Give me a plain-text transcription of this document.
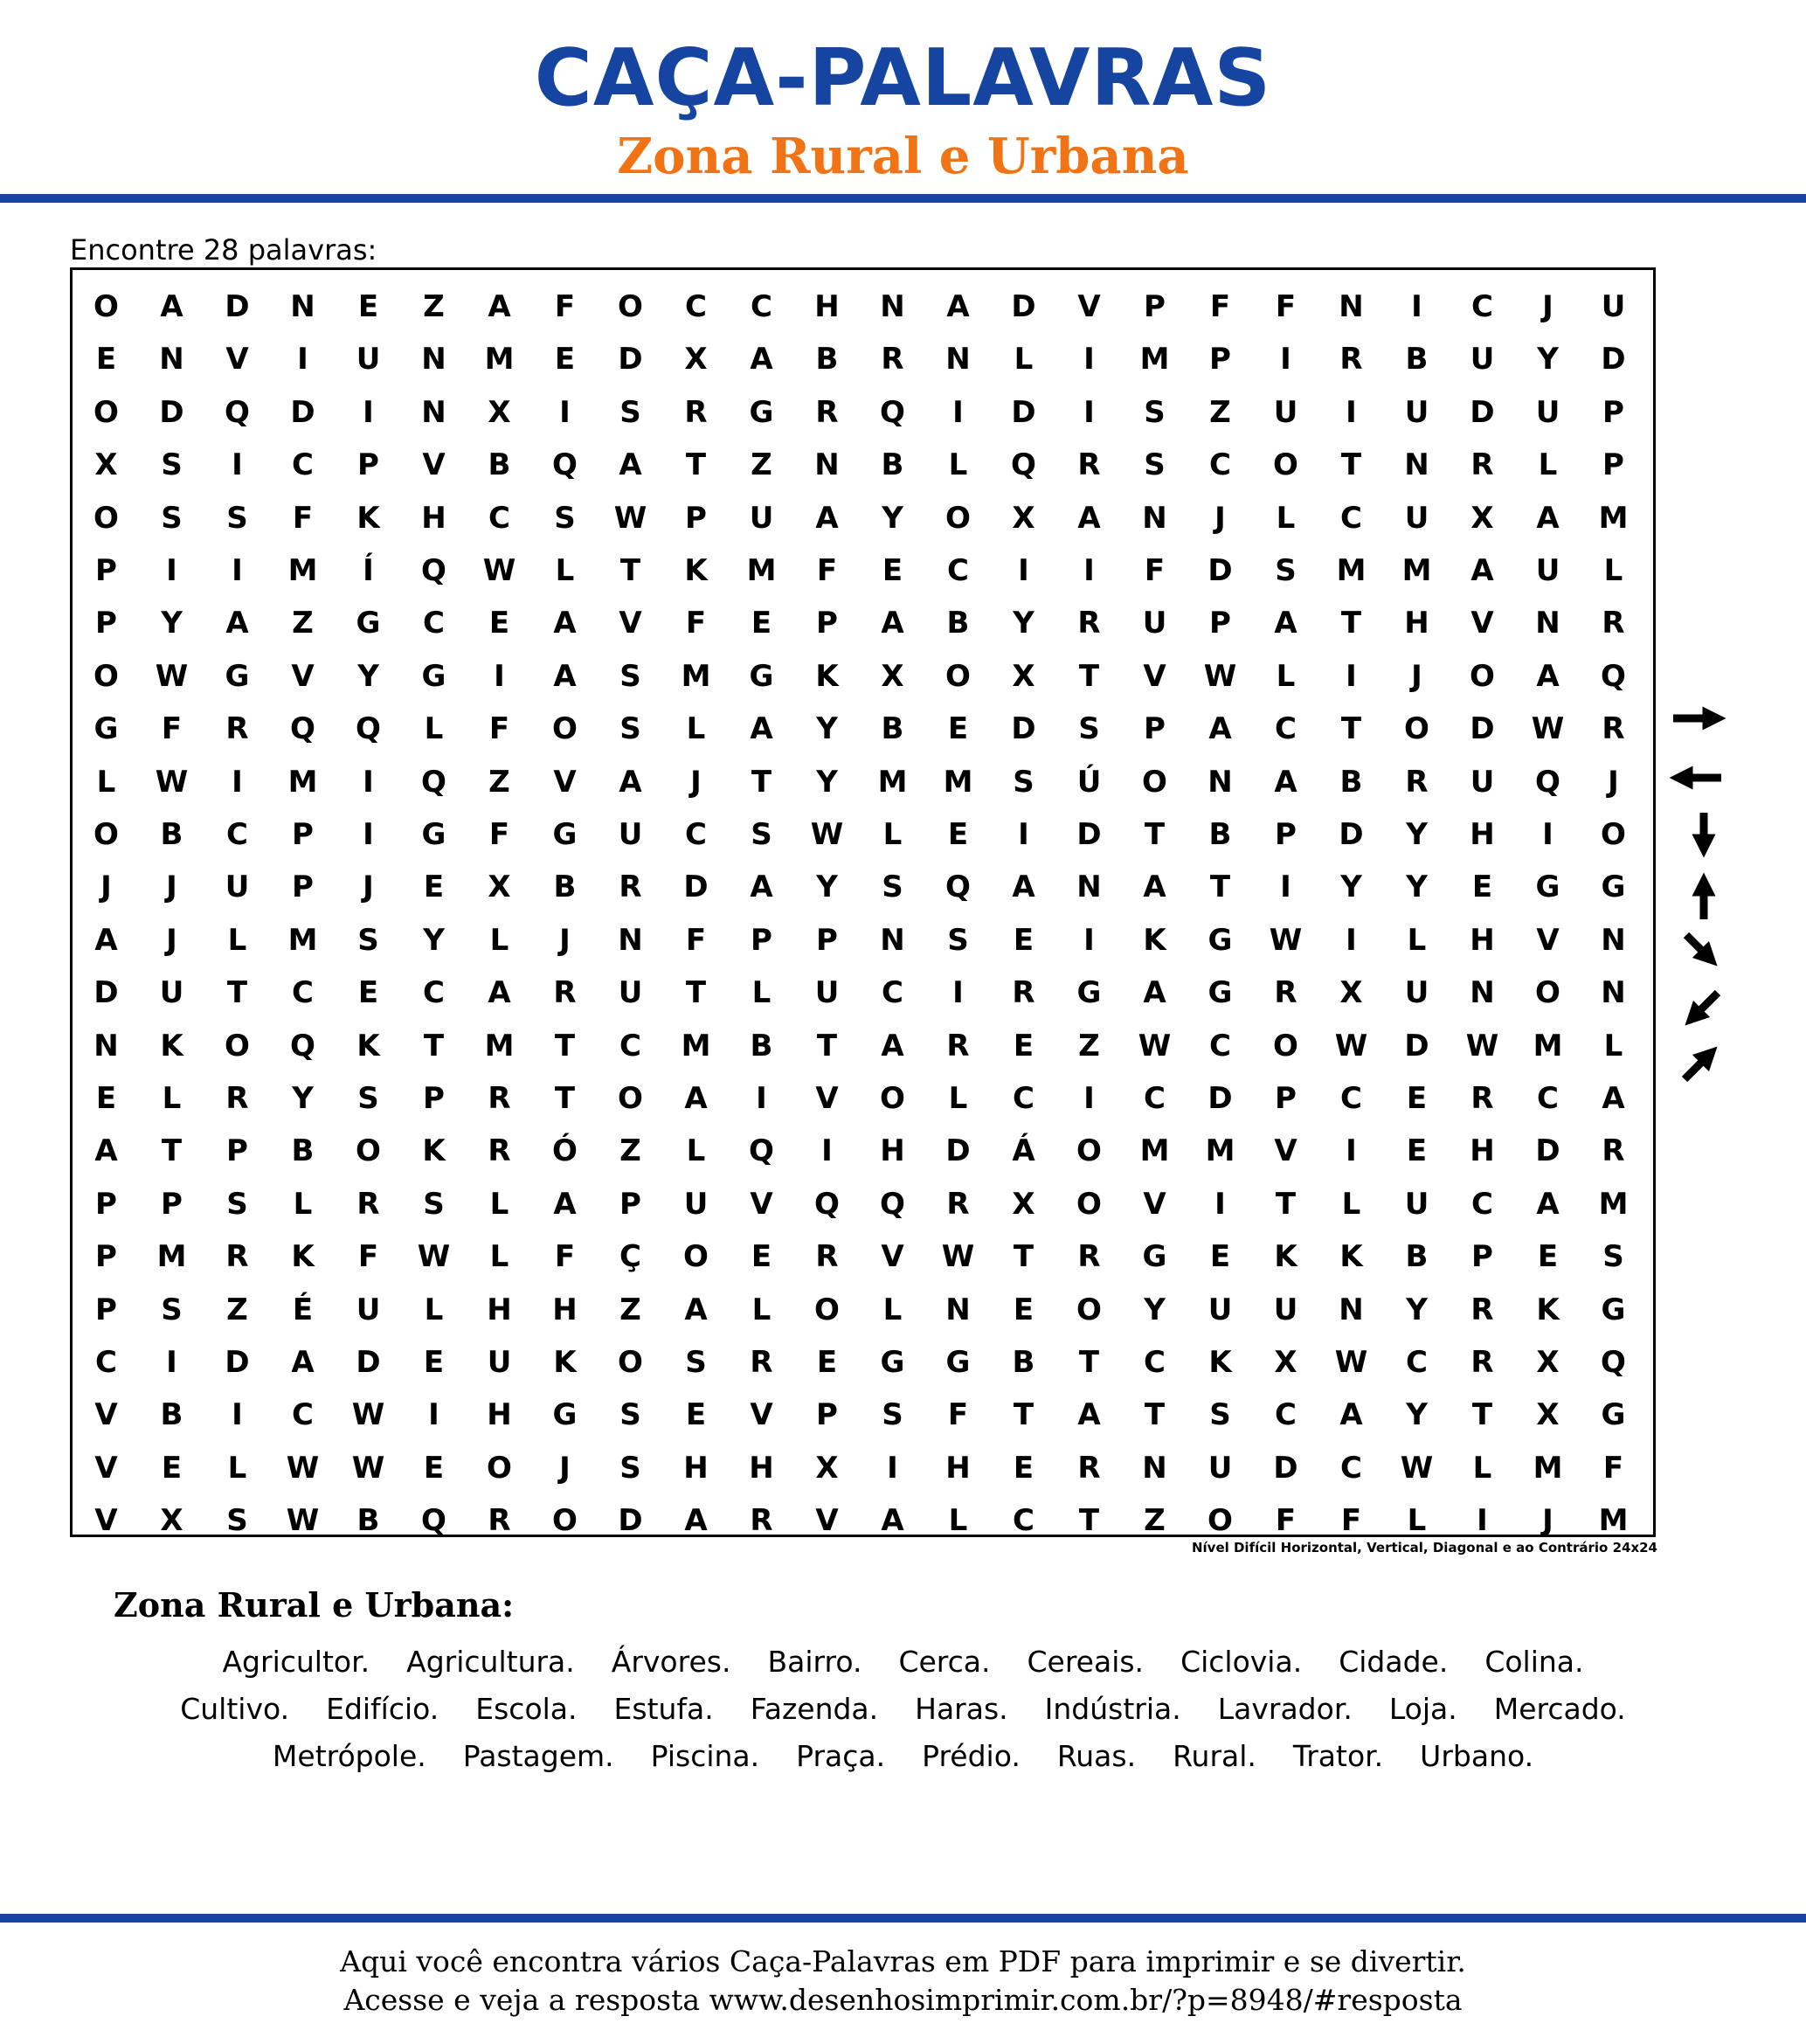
CAÇA-PALAVRAS
Zona Rural e Urbana
Encontre 28 palavras:
O	A	D	N	E	Z	A	F	O	C	C	H	N	A	D	V	P	F	F	N	I	C	J	U
E	N	V	I	U	N	M	E	D	X	A	B	R	N	L	I	M	P	I	R	B	U	Y	D
O	D	Q	D	I	N	X	I	S	R	G	R	Q	I	D	I	S	Z	U	I	U	D	U	P
X	S	I	C	P	V	B	Q	A	T	Z	N	B	L	Q	R	S	C	O	T	N	R	L	P
O	S	S	F	K	H	C	S	W	P	U	A	Y	O	X	A	N	J	L	C	U	X	A	M
P	I	I	M	Í	Q	W	L	T	K	M	F	E	C	I	I	F	D	S	M	M	A	U	L
P	Y	A	Z	G	C	E	A	V	F	E	P	A	B	Y	R	U	P	A	T	H	V	N	R
O	W	G	V	Y	G	I	A	S	M	G	K	X	O	X	T	V	W	L	I	J	O	A	Q
G	F	R	Q	Q	L	F	O	S	L	A	Y	B	E	D	S	P	A	C	T	O	D	W	R
L	W	I	M	I	Q	Z	V	A	J	T	Y	M	M	S	Ú	O	N	A	B	R	U	Q	J
O	B	C	P	I	G	F	G	U	C	S	W	L	E	I	D	T	B	P	D	Y	H	I	O
J	J	U	P	J	E	X	B	R	D	A	Y	S	Q	A	N	A	T	I	Y	Y	E	G	G
A	J	L	M	S	Y	L	J	N	F	P	P	N	S	E	I	K	G	W	I	L	H	V	N
D	U	T	C	E	C	A	R	U	T	L	U	C	I	R	G	A	G	R	X	U	N	O	N
N	K	O	Q	K	T	M	T	C	M	B	T	A	R	E	Z	W	C	O	W	D	W	M	L
E	L	R	Y	S	P	R	T	O	A	I	V	O	L	C	I	C	D	P	C	E	R	C	A
A	T	P	B	O	K	R	Ó	Z	L	Q	I	H	D	Á	O	M	M	V	I	E	H	D	R
P	P	S	L	R	S	L	A	P	U	V	Q	Q	R	X	O	V	I	T	L	U	C	A	M
P	M	R	K	F	W	L	F	Ç	O	E	R	V	W	T	R	G	E	K	K	B	P	E	S
P	S	Z	É	U	L	H	H	Z	A	L	O	L	N	E	O	Y	U	U	N	Y	R	K	G
C	I	D	A	D	E	U	K	O	S	R	E	G	G	B	T	C	K	X	W	C	R	X	Q
V	B	I	C	W	I	H	G	S	E	V	P	S	F	T	A	T	S	C	A	Y	T	X	G
V	E	L	W	W	E	O	J	S	H	H	X	I	H	E	R	N	U	D	C	W	L	M	F
V	X	S	W	B	Q	R	O	D	A	R	V	A	L	C	T	Z	O	F	F	L	I	J	M
Nível Difícil Horizontal, Vertical, Diagonal e ao Contrário 24x24
Zona Rural e Urbana:
Agricultor. Agricultura. Árvores. Bairro. Cerca. Cereais. Ciclovia. Cidade. Colina.
Cultivo. Edifício. Escola. Estufa. Fazenda. Haras. Indústria. Lavrador. Loja. Mercado.
Metrópole. Pastagem. Piscina. Praça. Prédio. Ruas. Rural. Trator. Urbano.
Aqui você encontra vários Caça-Palavras em PDF para imprimir e se divertir.
Acesse e veja a resposta www.desenhosimprimir.com.br/?p=8948/#resposta
